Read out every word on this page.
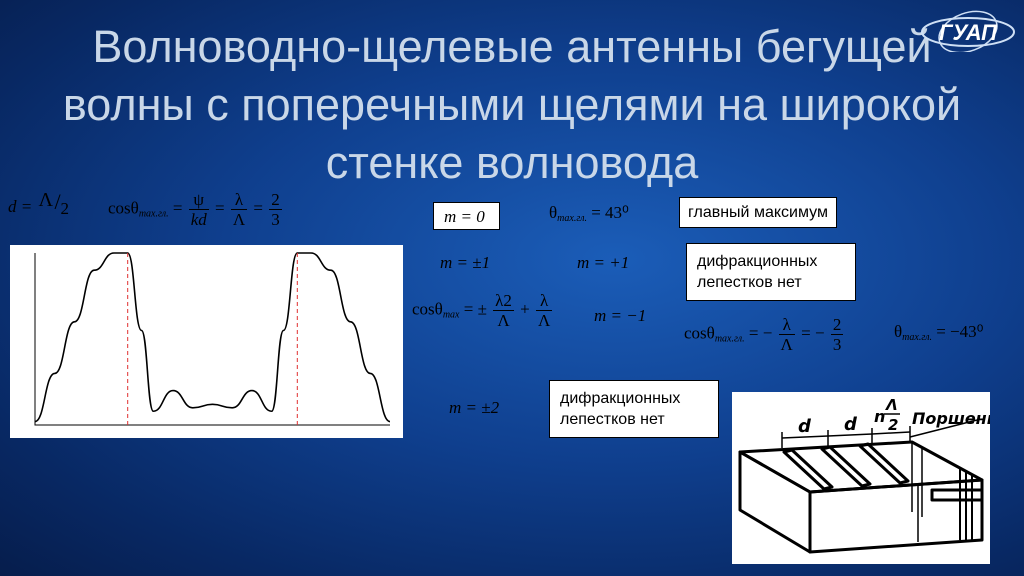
Волноводно-щелевые антенны бегущей
волны с поперечными щелями на широкой
стенке волновода
ГУАП
d = Λ / 2 $\cos\theta_{max.гл.} = \frac{\psi}{kd} = \frac{\lambda}{\Lambda} = \frac{2}{3}$	m = 0	$\theta_{max.гл.} = 43^0$	главный максимум
m = ±1	m = +1	дифракционных лепестков нет
cosθ$_{max}$ = ± $\frac{\lambda 2}{\Lambda} + \frac{\lambda}{\Lambda}$ m = −1
cosθ$_{max.гл.}$ = − $\frac{\lambda}{\Lambda}$ = − $\frac{2}{3}$	$\theta_{max.гл.} = -43^0$
m = ±2	дифракционных лепестков нет	d d n
Λ
2 Поршень
